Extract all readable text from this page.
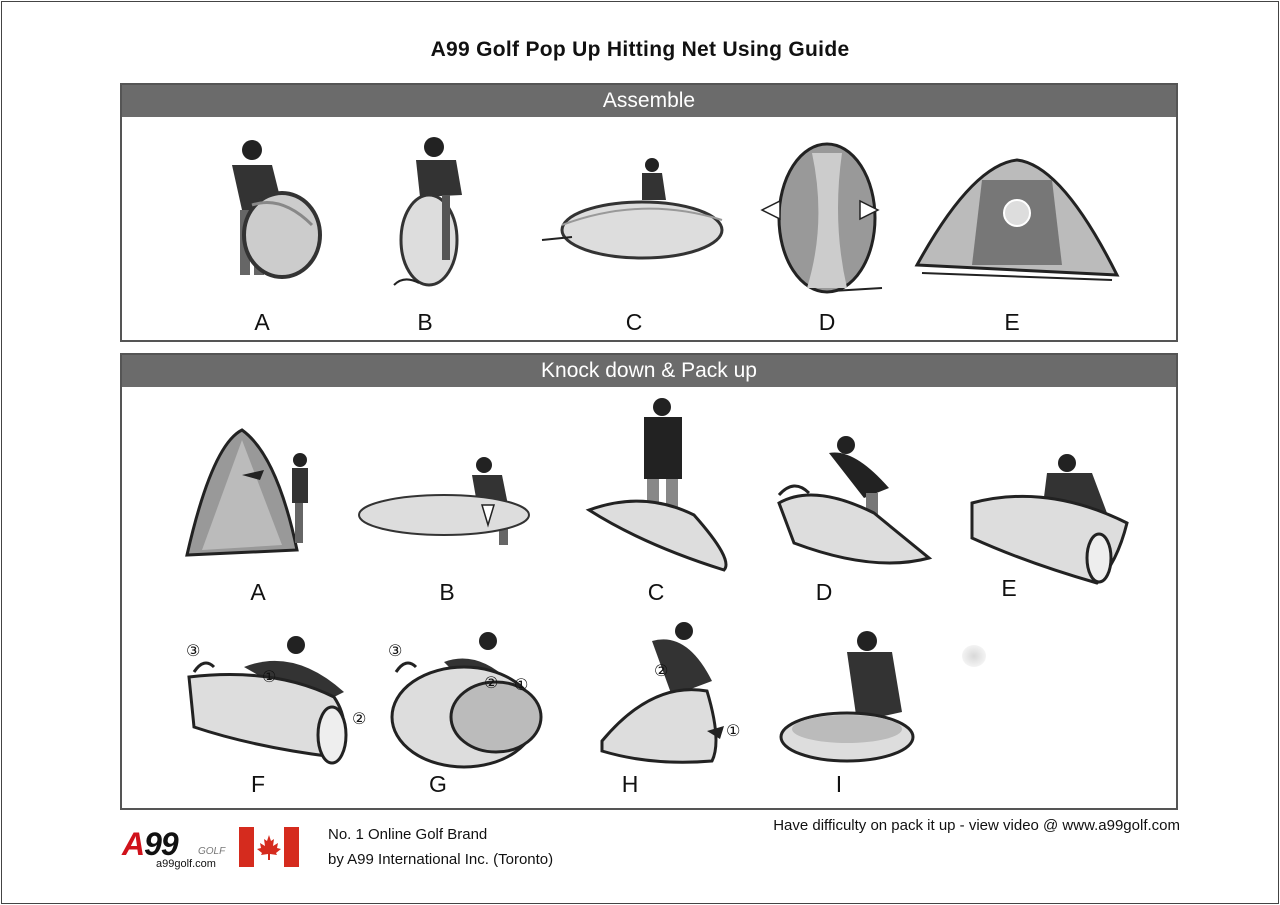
A99 Golf Pop Up Hitting Net Using Guide
Assemble
A	B	C	D	E
Knock down & Pack up
A	B	C	D	E
③
①
②
F
③
② ①
G
②
①
H	I
A99 GOLF
a99golf.com
No. 1 Online Golf Brand
by A99 International Inc. (Toronto)
Have difficulty on pack it up - view video @ www.a99golf.com
